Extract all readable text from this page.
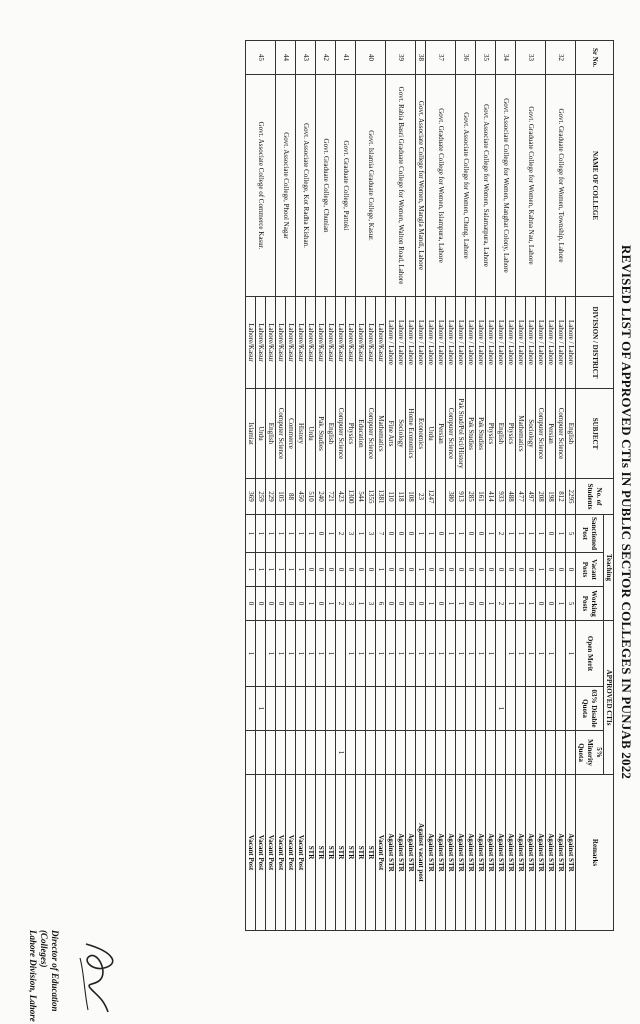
REVISED LIST OF APPROVED CTIs IN PUBLIC SECTOR COLLEGES IN PUNJAB 2022
Sr No.	NAME OF COLLEGE	DIVISION / DISTRICT	SUBJECT	No. of Students	Teaching			APPROVED CTIs			Remarks
					Sanctioned Post	Vacant Posts	Working Posts	Open Merit	03% Disable Quota	5% Minority Quota	
32	Govt. Graduate College for Women, Township, Lahore	Lahore / Lahore	English	2295	5	0	5	1			Against STR
		Lahore / Lahore	Computer Science	812	1	0	1				Against STR
		Lahore / Lahore	Persian	198	0	0	0	1			Against STR
33	Govt. Graduate College for Women, Kahna Nau, Lahore	Lahore / Lahore	Computer Science	208	1	1	0	1			Against STR
		Lahore / Lahore	Sociology	497	1	0	1	1			Against STR
		Lahore / Lahore	Mathematics	477	1	0	1	1			Against STR
34	Govt. Associate College for Women, Manghat Colony, Lahore	Lahore / Lahore	Physics	488	1	0	1	1			Against STR
		Lahore / Lahore	English	933	2	0	2		1		Against STR
35	Govt. Associate College for Women, Salamatpura, Lahore	Lahore / Lahore	Physics	414	1	0	1	1			Against STR
		Lahore / Lahore	Pak Studies	161	0	0	0	1			Against STR
36	Govt. Associate College for Women, Chung, Lahore	Lahore / Lahore	Pak Studies	285	0	0	0	1			Against STR
		Lahore / Lahore	Pak Stud/Pol Sci/History	913	1	0	1	1			Against STR
37	Govt. Graduate College for Women, Islampura, Lahore	Lahore / Lahore	Computer Science	380	1	0	1	1			Against STR
		Lahore / Lahore	Persian		0	0	0	1			Against STR
		Lahore / Lahore	Urdu	1247	1	0	1	1			Against STR
38	Govt. Associate College for Women, Mangla Mandi, Lahore	Lahore / Lahore	Economics	23	1	1	0	1			Against vacant post
39	Govt. Rabia Basri Graduate College for Women, Walton Road, Lahore	Lahore / Lahore	Home Economics	108	0	0	0	1			Against STR
		Lahore / Lahore	Sociology	118	0	0	0	1			Against STR
		Lahore / Lahore	Fine Arts	110	0	0	0	1			Against STR
40	Govt. Islamia Graduate College, Kasur.	Lahore/Kasur	Mathematics	1381	7	1	6	1			Vacant Post
		Lahore/Kasur	Computer Science	1355	3	0	3	1			STR
		Lahore/Kasur	Education	544	1	0	1	1			STR
41	Govt. Graduate College, Pattoki	Lahore/Kasur	Physics	1300	3	0	3	1			STR
		Lahore/Kasur	Computer Science	423	2	0	2			1	STR
42	Govt. Graduate College, Chunian	Lahore/Kasur	English	721	1	0	1	1			STR
		Lahore/Kasur	Pak. Studies	240	0	0	0	1			STR
43	Govt. Associate College, Kot Radha Kishan.	Lahore/Kasur	Urdu	510	1	0	1	1			STR
		Lahore/Kasur	History	450	1	1	0	1			Vacant Post
44	Govt. Associate College, Phool Nagar	Lahore/Kasur	Commerce	88	1	1	0	1			Vacant Post
		Lahore/Kasur	Computer Science	105	1	1	0	1			Vacant Post
45	Govt. Associate College of Commerce Kasur.	Lahore/Kasur	English	229	1	1	0	1			Vacant Post
		Lahore/Kasur	Urdu	259	1	1	0		1		Vacant Post
		Lahore/Kasur	Islamiat	369	1	1	0	1			Vacant Post
Director of Education (Colleges)
Lahore Division, Lahore
